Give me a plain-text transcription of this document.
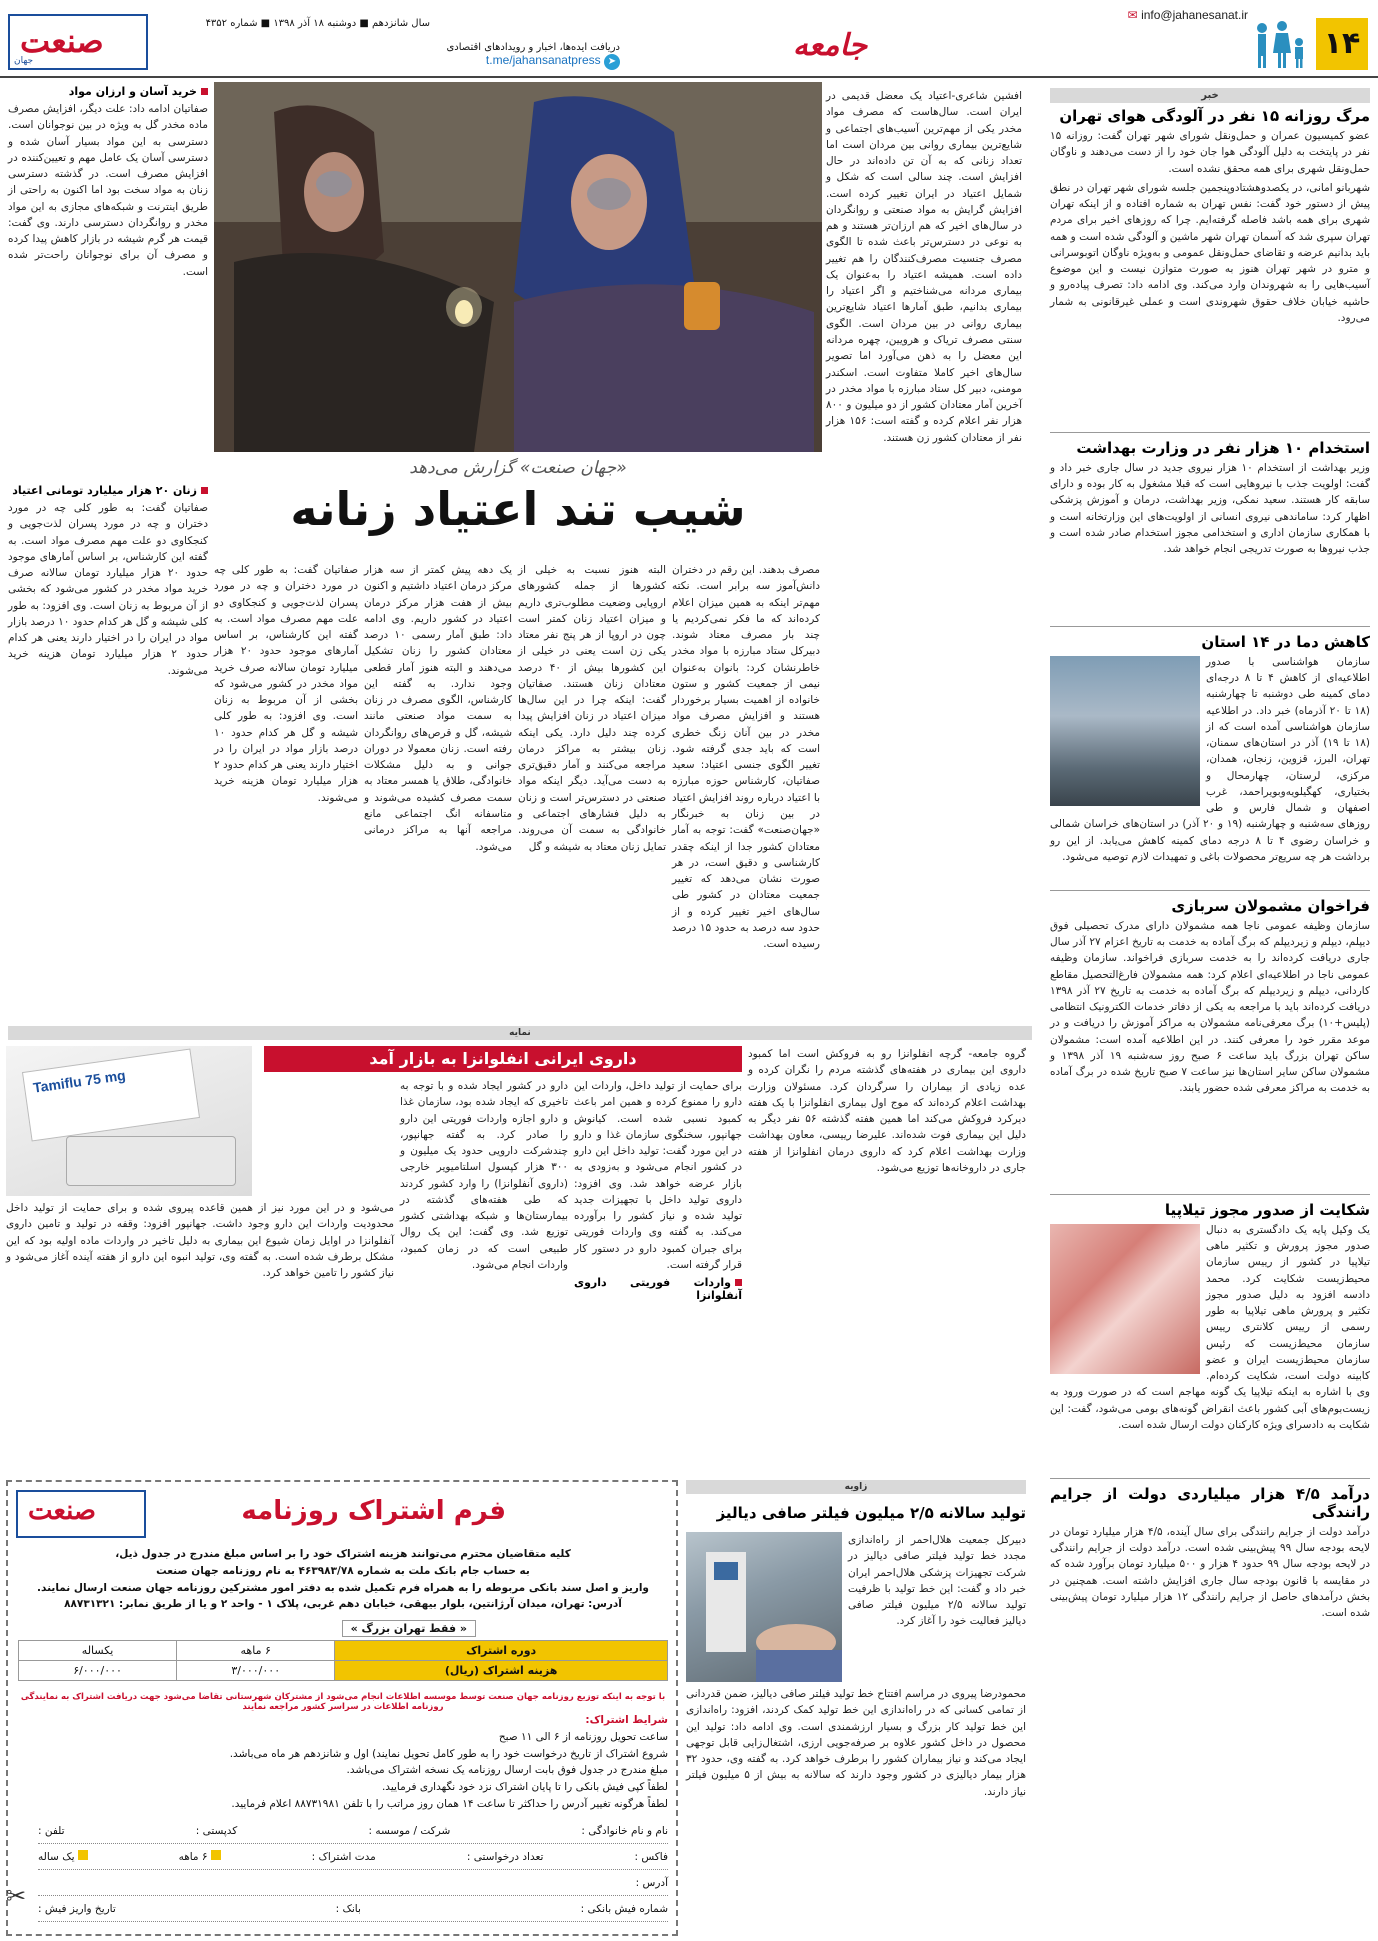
۱۴
✉ info@jahanesanat.ir
جامعه
دریافت ایده‌ها، اخبار و رویدادهای اقتصادی
t.me/jahansanatpress ➤
سال شانزدهم ■ دوشنبه ۱۸ آذر ۱۳۹۸ ■ شماره ۴۳۵۲
صنعت
جهان
خبر
مرگ روزانه ۱۵ نفر در آلودگی هوای تهران

عضو کمیسیون عمران و حمل‌ونقل شورای شهر تهران گفت: روزانه ۱۵ نفر در پایتخت به دلیل آلودگی هوا جان خود را از دست می‌دهند و ناوگان حمل‌ونقل شهری برای همه محقق نشده است.

شهربانو امانی، در یکصدوهشتادوپنجمین جلسه شورای شهر تهران در نطق پیش از دستور خود گفت: نفس تهران به شماره افتاده و از اینکه تهران شهری برای همه باشد فاصله گرفته‌ایم. چرا که روزهای اخیر برای مردم تهران سپری شد که آسمان تهران شهر ماشین و آلودگی شده است و همه باید بدانیم عرضه و تقاضای حمل‌ونقل عمومی و به‌ویژه ناوگان اتوبوسرانی و مترو در شهر تهران هنوز به صورت متوازن نیست و این موضوع آسیب‌هایی را به شهروندان وارد می‌کند. وی ادامه داد: تصرف پیاده‌رو و حاشیه خیابان خلاف حقوق شهروندی است و عملی غیرقانونی به شمار می‌رود.

استخدام ۱۰ هزار نفر در وزارت بهداشت

وزیر بهداشت از استخدام ۱۰ هزار نیروی جدید در سال جاری خبر داد و گفت: اولویت جذب با نیروهایی است که قبلا مشغول به کار بوده و دارای سابقه کار هستند. سعید نمکی، وزیر بهداشت، درمان و آموزش پزشکی اظهار کرد: ساماندهی نیروی انسانی از اولویت‌های این وزارتخانه است و با همکاری سازمان اداری و استخدامی مجوز استخدام صادر شده است و جذب نیروها به صورت تدریجی انجام خواهد شد.

کاهش دما در ۱۴ استان

سازمان هواشناسی با صدور اطلاعیه‌ای از کاهش ۴ تا ۸ درجه‌ای دمای کمینه طی دوشنبه تا چهارشنبه (۱۸ تا ۲۰ آذرماه) خبر داد. در اطلاعیه سازمان هواشناسی آمده است که از (۱۸ تا ۱۹) آذر در استان‌های سمنان، تهران، البرز، قزوین، زنجان، همدان، مرکزی، لرستان، چهارمحال و بختیاری، کهگیلویه‌وبویراحمد، غرب اصفهان و شمال فارس و طی روزهای سه‌شنبه و چهارشنبه (۱۹ و ۲۰ آذر) در استان‌های خراسان شمالی و خراسان رضوی ۴ تا ۸ درجه دمای کمینه کاهش می‌یابد. از این رو برداشت هر چه سریع‌تر محصولات باغی و تمهیدات لازم توصیه می‌شود.

فراخوان مشمولان سربازی

سازمان وظیفه عمومی ناجا همه مشمولان دارای مدرک تحصیلی فوق دیپلم، دیپلم و زیردیپلم که برگ آماده به خدمت به تاریخ اعزام ۲۷ آذر سال جاری دریافت کرده‌اند را به خدمت سربازی فراخواند. سازمان وظیفه عمومی ناجا در اطلاعیه‌ای اعلام کرد: همه مشمولان فارغ‌التحصیل مقاطع کاردانی، دیپلم و زیردیپلم که برگ آماده به خدمت به تاریخ ۲۷ آذر ۱۳۹۸ دریافت کرده‌اند باید با مراجعه به یکی از دفاتر خدمات الکترونیک انتظامی (پلیس+۱۰) برگ معرفی‌نامه مشمولان به مراکز آموزش را دریافت و در موعد مقرر خود را معرفی کنند. در این اطلاعیه آمده است: مشمولان ساکن تهران بزرگ باید ساعت ۶ صبح روز سه‌شنبه ۱۹ آذر ۱۳۹۸ و مشمولان ساکن سایر استان‌ها نیز ساعت ۷ صبح تاریخ شده در برگ آماده به خدمت به مراکز معرفی شده حضور یابند.

شکایت از صدور مجوز تیلاپیا

یک وکیل پایه یک دادگستری به دنبال صدور مجوز پرورش و تکثیر ماهی تیلاپیا در کشور از رییس سازمان محیط‌زیست شکایت کرد. محمد دادسه افزود به دلیل صدور مجوز تکثیر و پرورش ماهی تیلاپیا به طور رسمی از رییس کلانتری رییس سازمان محیط‌زیست که رئیس سازمان محیط‌زیست ایران و عضو کابینه دولت است، شکایت کرده‌ام. وی با اشاره به اینکه تیلاپیا یک گونه مهاجم است که در صورت ورود به زیست‌بوم‌های آبی کشور باعث انقراض گونه‌های بومی می‌شود، گفت: این شکایت به دادسرای ویژه کارکنان دولت ارسال شده است.

درآمد ۴/۵ هزار میلیاردی دولت از جرایم رانندگی

درآمد دولت از جرایم رانندگی برای سال آینده، ۴/۵ هزار میلیارد تومان در لایحه بودجه سال ۹۹ پیش‌بینی شده است. درآمد دولت از جرایم رانندگی در لایحه بودجه سال ۹۹ حدود ۴ هزار و ۵۰۰ میلیارد تومان برآورد شده که در مقایسه با قانون بودجه سال جاری افزایش داشته است. همچنین در بخش درآمدهای حاصل از جرایم رانندگی ۱۲ هزار میلیارد تومان پیش‌بینی شده است.

«جهان صنعت» گزارش می‌دهد
شیب تند اعتیاد زنانه

افشین شاعری-اعتیاد یک معضل قدیمی در ایران است. سال‌هاست که مصرف مواد مخدر یکی از مهم‌ترین آسیب‌های اجتماعی و شایع‌ترین بیماری روانی بین مردان است اما تعداد زنانی که به آن تن داده‌اند در حال افزایش است. چند سالی است که شکل و شمایل اعتیاد در ایران تغییر کرده است. افزایش گرایش به مواد صنعتی و روانگردان در سال‌های اخیر که هم ارزان‌تر هستند و هم به نوعی در دسترس‌تر باعث شده تا الگوی مصرف جنسیت مصرف‌کنندگان را هم تغییر داده است. همیشه اعتیاد را به‌عنوان یک بیماری مردانه می‌شناختیم و اگر اعتیاد را بیماری بدانیم، طبق آمارها اعتیاد شایع‌ترین بیماری روانی در بین مردان است. الگوی سنتی مصرف تریاک و هرویین، چهره مردانه این معضل را به ذهن می‌آورد اما تصویر سال‌های اخیر کاملا متفاوت است. اسکندر مومنی، دبیر کل ستاد مبارزه با مواد مخدر در آخرین آمار معتادان کشور از دو میلیون و ۸۰۰ هزار نفر اعلام کرده و گفته است: ۱۵۶ هزار نفر از معتادان کشور زن هستند.

مصرف بدهند. این رقم در دختران دانش‌آموز سه برابر است. نکته مهم‌تر اینکه به همین میزان اعلام کرده‌اند که ما فکر نمی‌کردیم یا چند بار مصرف معتاد شوند. دبیرکل ستاد مبارزه با مواد مخدر خاطرنشان کرد: بانوان به‌عنوان نیمی از جمعیت کشور و ستون خانواده از اهمیت بسیار برخوردار هستند و افزایش مصرف مواد مخدر در بین آنان زنگ خطری است که باید جدی گرفته شود. تغییر الگوی جنسی اعتیاد: سعید صفاتیان، کارشناس حوزه مبارزه با اعتیاد درباره روند افزایش اعتیاد در بین زنان به خبرنگار «جهان‌صنعت» گفت: توجه به آمار معتادان کشور جدا از اینکه چقدر کارشناسی و دقیق است، در هر صورت نشان می‌دهد که تغییر جمعیت معتادان در کشور طی سال‌های اخیر تغییر کرده و از حدود سه درصد به حدود ۱۵ درصد رسیده است.

البته هنوز نسبت به خیلی از کشورها از جمله کشورهای اروپایی وضعیت مطلوب‌تری داریم و میزان اعتیاد زنان کمتر است چون در اروپا از هر پنج نفر معتاد یکی زن است یعنی در خیلی از این کشورها بیش از ۴۰ درصد معتادان زنان هستند. صفاتیان گفت: اینکه چرا در این سال‌ها میزان اعتیاد در زنان افزایش پیدا کرده چند دلیل دارد. یکی اینکه زنان بیشتر به مراکز درمان مراجعه می‌کنند و آمار دقیق‌تری به دست می‌آید. دیگر اینکه مواد صنعتی در دسترس‌تر است و زنان به دلیل فشارهای اجتماعی و خانوادگی به سمت آن می‌روند. تمایل زنان معتاد به شیشه و گل

یک دهه پیش کمتر از سه هزار مرکز درمان اعتیاد داشتیم و اکنون بیش از هفت هزار مرکز درمان اعتیاد در کشور داریم. وی ادامه داد: طبق آمار رسمی ۱۰ درصد معتادان کشور را زنان تشکیل می‌دهند و البته هنوز آمار قطعی وجود ندارد. به گفته این کارشناس، الگوی مصرف در زنان به سمت مواد صنعتی مانند شیشه، گل و قرص‌های روانگردان رفته است. زنان معمولا در دوران جوانی و به دلیل مشکلات خانوادگی، طلاق یا همسر معتاد به سمت مصرف کشیده می‌شوند و متاسفانه انگ اجتماعی مانع مراجعه آنها به مراکز درمانی می‌شود.

خرید آسان و ارزان مواد

صفاتیان ادامه داد: علت دیگر، افزایش مصرف ماده مخدر گل به ویژه در بین نوجوانان است. دسترسی به این مواد بسیار آسان شده و دسترسی آسان یک عامل مهم و تعیین‌کننده در افزایش مصرف است. در گذشته دسترسی زنان به مواد سخت بود اما اکنون به راحتی از طریق اینترنت و شبکه‌های مجازی به این مواد مخدر و روانگردان دسترسی دارند. وی گفت: قیمت هر گرم شیشه در بازار کاهش پیدا کرده و مصرف آن برای نوجوانان راحت‌تر شده است.

زنان ۲۰ هزار میلیارد تومانی اعتیاد

صفاتیان گفت: به طور کلی چه در مورد دختران و چه در مورد پسران لذت‌جویی و کنجکاوی دو علت مهم مصرف مواد است. به گفته این کارشناس، بر اساس آمارهای موجود حدود ۲۰ هزار میلیارد تومان سالانه صرف خرید مواد مخدر در کشور می‌شود که بخشی از آن مربوط به زنان است. وی افزود: به طور کلی شیشه و گل هر کدام حدود ۱۰ درصد بازار مواد در ایران را در اختیار دارند یعنی هر کدام حدود ۲ هزار میلیارد تومان هزینه خرید می‌شوند.

صفاتیان گفت: به طور کلی چه در مورد دختران و چه در مورد پسران لذت‌جویی و کنجکاوی دو علت مهم مصرف مواد است. به گفته این کارشناس، بر اساس آمارهای موجود حدود ۲۰ هزار میلیارد تومان سالانه صرف خرید مواد مخدر در کشور می‌شود که بخشی از آن مربوط به زنان است. وی افزود: به طور کلی شیشه و گل هر کدام حدود ۱۰ درصد بازار مواد در ایران را در اختیار دارند یعنی هر کدام حدود ۲ هزار میلیارد تومان هزینه خرید می‌شوند.

نمایه
Tamiflu 75 mg
داروی ایرانی انفلوانزا به بازار آمد	گروه جامعه- گرچه انفلوانزا رو به فروکش است اما کمبود داروی این بیماری در هفته‌های گذشته مردم را نگران کرده و عده زیادی از بیماران را سرگردان کرد. مسئولان وزارت بهداشت اعلام کرده‌اند که موج اول بیماری انفلوانزا با یک هفته دیرکرد فروکش می‌کند اما همین هفته گذشته ۵۶ نفر دیگر به دلیل این بیماری فوت شده‌اند. علیرضا رییسی، معاون بهداشت وزارت بهداشت اعلام کرد که داروی درمان انفلوانزا از هفته جاری در داروخانه‌ها توزیع می‌شود.

برای حمایت از تولید داخل، واردات این دارو را ممنوع کرده و همین امر باعث کمبود نسبی شده است. کیانوش جهانپور، سخنگوی سازمان غذا و دارو در این مورد گفت: تولید داخل این دارو در کشور انجام می‌شود و به‌زودی به بازار عرضه خواهد شد. وی افزود: داروی تولید داخل با تجهیزات جدید تولید شده و نیاز کشور را برآورده می‌کند. به گفته وی واردات فوریتی برای جبران کمبود دارو در دستور کار قرار گرفته است.

واردات فوریتی داروی آنفلوانزا

دارو در کشور ایجاد شده و با توجه به تاخیری که ایجاد شده بود، سازمان غذا و دارو اجازه واردات فوریتی این دارو را صادر کرد. به گفته جهانپور، چندشرکت دارویی حدود یک میلیون و ۳۰۰ هزار کپسول اسلتامیویر خارجی (داروی آنفلوانزا) را وارد کشور کردند که طی هفته‌های گذشته در بیمارستان‌ها و شبکه بهداشتی کشور توزیع شد. وی گفت: این یک روال طبیعی است که در زمان کمبود، واردات انجام می‌شود.

می‌شود و در این مورد نیز از همین قاعده پیروی شده و برای حمایت از تولید داخل محدودیت واردات این دارو وجود داشت. جهانپور افزود: وقفه در تولید و تامین داروی آنفلوانزا در اوایل زمان شیوع این بیماری به دلیل تاخیر در واردات ماده اولیه بود که این مشکل برطرف شده است. به گفته وی، تولید انبوه این دارو از هفته آینده آغاز می‌شود و نیاز کشور را تامین خواهد کرد.

زاویه
تولید سالانه ۲/۵ میلیون فیلتر صافی دیالیز

دبیرکل جمعیت هلال‌احمر از راه‌اندازی مجدد خط تولید فیلتر صافی دیالیز در شرکت تجهیزات پزشکی هلال‌احمر ایران خبر داد و گفت: این خط تولید با ظرفیت تولید سالانه ۲/۵ میلیون فیلتر صافی دیالیز فعالیت خود را آغاز کرد.

محمودرضا پیروی در مراسم افتتاح خط تولید فیلتر صافی دیالیز، ضمن قدردانی از تمامی کسانی که در راه‌اندازی این خط تولید کمک کردند، افزود: راه‌اندازی این خط تولید کار بزرگ و بسیار ارزشمندی است. وی ادامه داد: تولید این محصول در داخل کشور علاوه بر صرفه‌جویی ارزی، اشتغال‌زایی قابل توجهی ایجاد می‌کند و نیاز بیماران کشور را برطرف خواهد کرد. به گفته وی، حدود ۳۲ هزار بیمار دیالیزی در کشور وجود دارند که سالانه به بیش از ۵ میلیون فیلتر نیاز دارند.

صنعت	فرم اشتراک روزنامه
کلیه متقاضیان محترم می‌توانند هزینه اشتراک خود را بر اساس مبلغ مندرج در جدول ذیل،
به حساب جام بانک ملت به شماره ۴۶۳۹۸۳/۷۸ به نام روزنامه جهان صنعت
واریز و اصل سند بانکی مربوطه را به همراه فرم تکمیل شده به دفتر امور مشترکین روزنامه جهان صنعت ارسال نمایند.
آدرس: تهران، میدان آرژانتین، بلوار بیهقی، خیابان دهم غربی، پلاک ۱ - واحد ۲ و یا از طریق نمابر: ۸۸۷۳۱۳۲۱
« فقط تهران بزرگ »
دوره اشتراک	۶ ماهه	یکساله
هزینه اشتراک (ریال)	۳/۰۰۰/۰۰۰	۶/۰۰۰/۰۰۰
با توجه به اینکه توزیع روزنامه جهان صنعت توسط موسسه اطلاعات انجام می‌شود از مشترکان شهرستانی تقاضا می‌شود جهت دریافت اشتراک به نمایندگی روزنامه اطلاعات در سراسر کشور مراجعه نمایند
شرایط اشتراک:
ساعت تحویل روزنامه از ۶ الی ۱۱ صبح
شروع اشتراک از تاریخ درخواست خود را به طور کامل تحویل نمایند) اول و شانزدهم هر ماه می‌باشد.
مبلغ مندرج در جدول فوق بابت ارسال روزنامه یک نسخه اشتراک می‌باشد.
لطفاً کپی فیش بانکی را تا پایان اشتراک نزد خود نگهداری فرمایید.
لطفاً هرگونه تغییر آدرس را حداکثر تا ساعت ۱۴ همان روز مراتب را با تلفن ۸۸۷۳۱۹۸۱ اعلام فرمایید.
نام و نام خانوادگی :
شرکت / موسسه :
کدپستی :
تلفن :
فاکس :
تعداد درخواستی :
مدت اشتراک :
۶ ماهه
یک ساله
آدرس :
شماره فیش بانکی :
بانک :
تاریخ واریز فیش :
✂
